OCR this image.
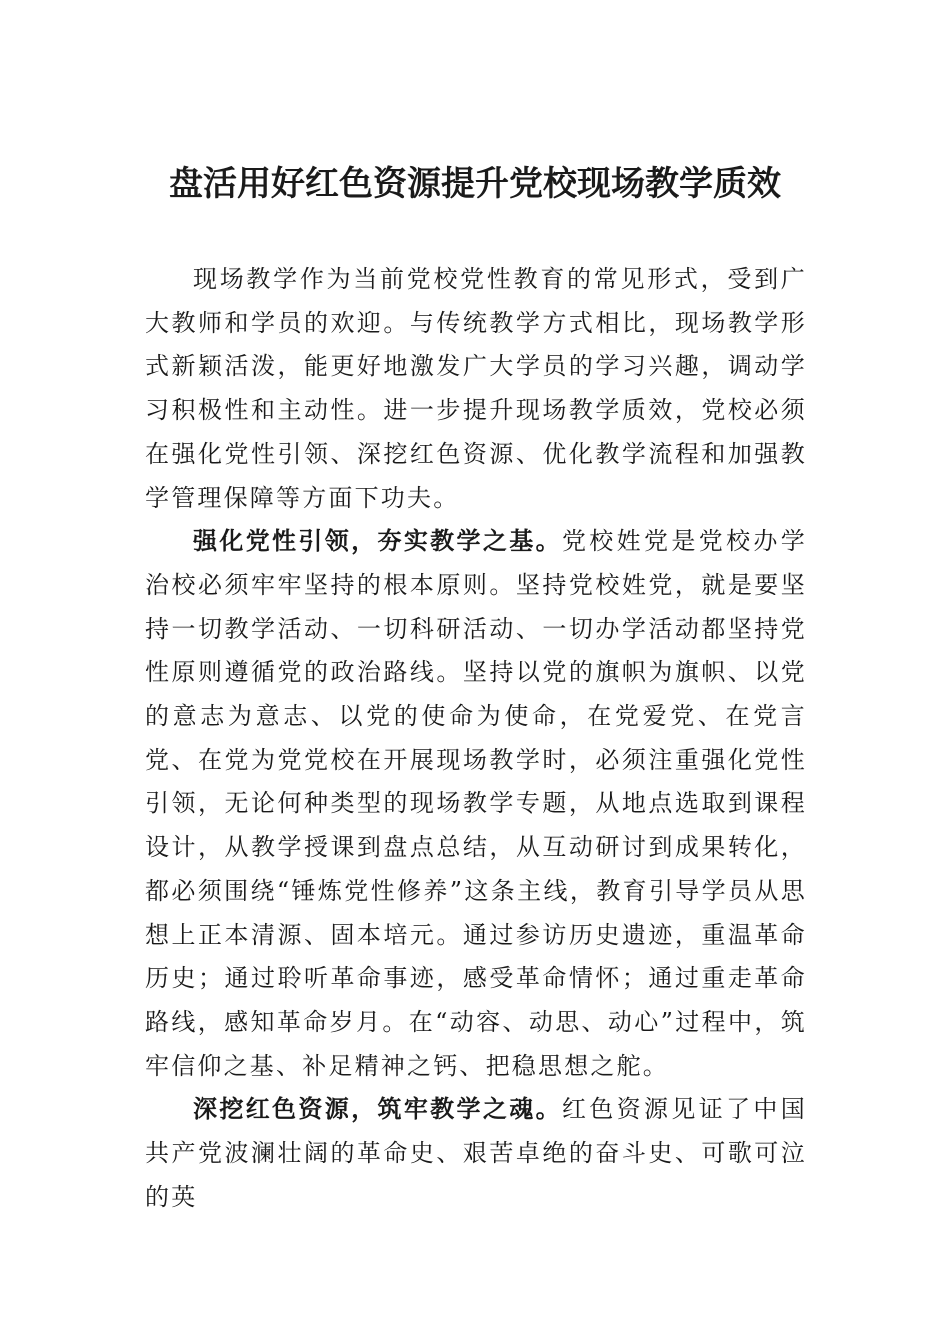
盘活用好红色资源提升党校现场教学质效

现场教学作为当前党校党性教育的常见形式，受到广大教师和学员的欢迎。与传统教学方式相比，现场教学形式新颖活泼，能更好地激发广大学员的学习兴趣，调动学习积极性和主动性。进一步提升现场教学质效，党校必须在强化党性引领、深挖红色资源、优化教学流程和加强教学管理保障等方面下功夫。

强化党性引领，夯实教学之基。党校姓党是党校办学治校必须牢牢坚持的根本原则。坚持党校姓党，就是要坚持一切教学活动、一切科研活动、一切办学活动都坚持党性原则遵循党的政治路线。坚持以党的旗帜为旗帜、以党的意志为意志、以党的使命为使命，在党爱党、在党言党、在党为党党校在开展现场教学时，必须注重强化党性引领，无论何种类型的现场教学专题，从地点选取到课程设计，从教学授课到盘点总结，从互动研讨到成果转化，都必须围绕“锤炼党性修养”这条主线，教育引导学员从思想上正本清源、固本培元。通过参访历史遗迹，重温革命历史；通过聆听革命事迹，感受革命情怀；通过重走革命路线，感知革命岁月。在“动容、动思、动心”过程中，筑牢信仰之基、补足精神之钙、把稳思想之舵。

深挖红色资源，筑牢教学之魂。红色资源见证了中国共产党波澜壮阔的革命史、艰苦卓绝的奋斗史、可歌可泣的英
